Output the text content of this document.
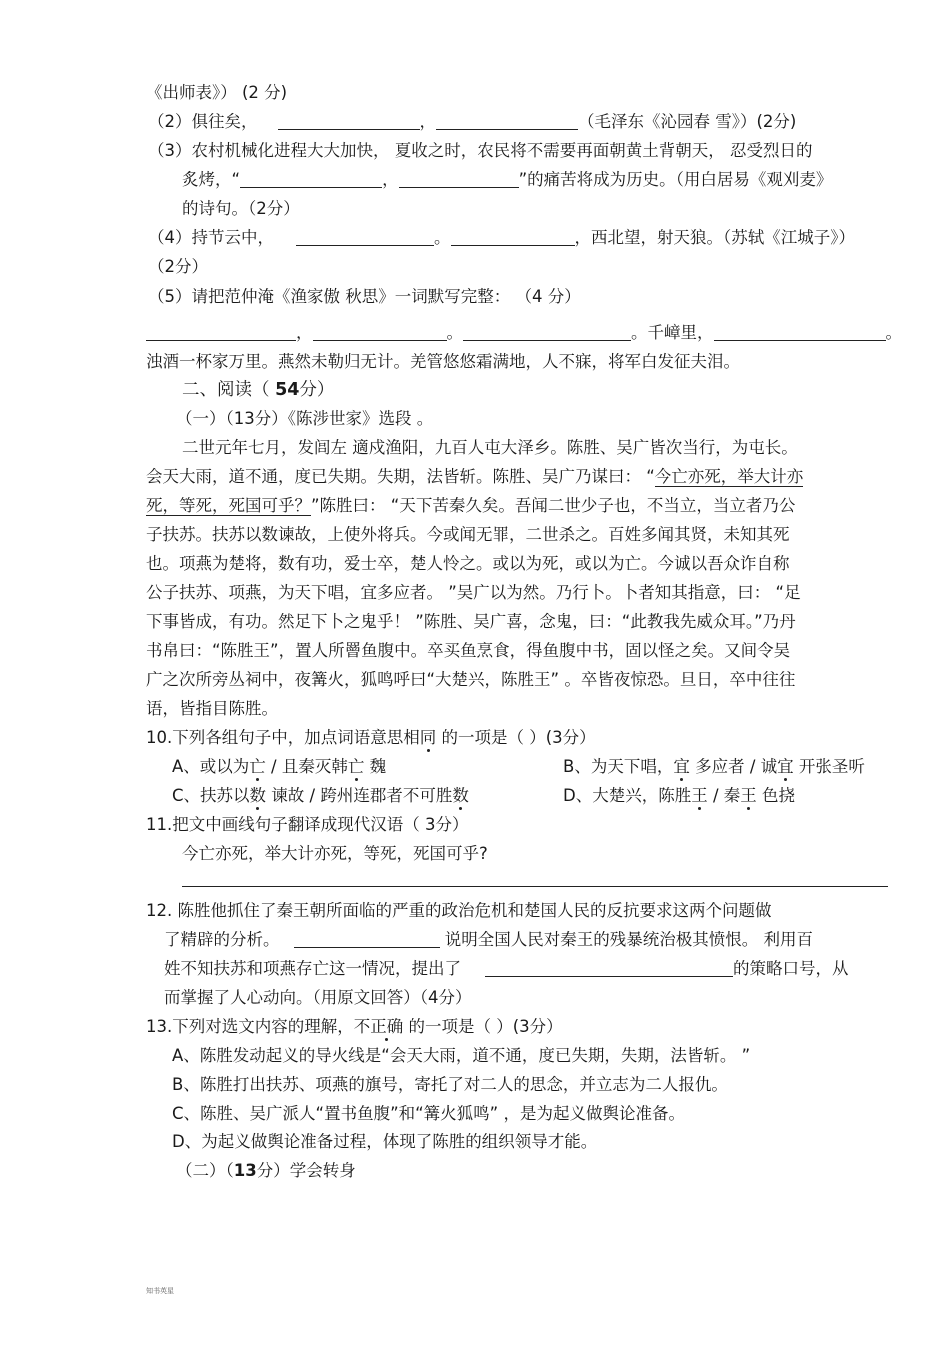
《出师表》） (2 分)
（2）俱往矣，	，	（毛泽东《沁园春 雪》）(2分)
（3）农村机械化进程大大加快， 夏收之时，农民将不需要再面朝黄土背朝天， 忍受烈日的
炙烤，“	，	”的痛苦将成为历史。（用白居易《观刈麦》
的诗句。（2分）
（4）持节云中，	。	，西北望，射天狼。（苏轼《江城子》）
（2分）
（5）请把范仲淹《渔家傲 秋思》一词默写完整： （4 分）
，	。	。千嶂里，	。
浊酒一杯家万里。燕然未勒归无计。羌管悠悠霜满地，人不寐，将军白发征夫泪。
二、阅读（ 54分）
（一）（13分）《陈涉世家》选段 。
二世元年七月，发闾左 適戍渔阳，九百人屯大泽乡。陈胜、吴广皆次当行，为屯长。
会天大雨，道不通，度已失期。失期，法皆斩。陈胜、吴广乃谋曰： “今亡亦死，举大计亦
死，等死，死国可乎？”陈胜曰： “天下苦秦久矣。吾闻二世少子也，不当立，当立者乃公
子扶苏。扶苏以数谏故，上使外将兵。今或闻无罪，二世杀之。百姓多闻其贤，未知其死
也。项燕为楚将，数有功，爱士卒，楚人怜之。或以为死，或以为亡。今诚以吾众诈自称
公子扶苏、项燕，为天下唱，宜多应者。 ”吴广以为然。乃行卜。卜者知其指意，曰： “足
下事皆成，有功。然足下卜之鬼乎！ ”陈胜、吴广喜，念鬼，曰：“此教我先威众耳。”乃丹
书帛曰：“陈胜王”，置人所罾鱼腹中。卒买鱼烹食，得鱼腹中书，固以怪之矣。又间令吴
广之次所旁丛祠中，夜篝火，狐鸣呼曰“大楚兴，陈胜王” 。卒皆夜惊恐。旦日，卒中往往
语，皆指目陈胜。
10.下列各组句子中，加点词语意思相同 的一项是（ ）(3分）
A、或以为亡 / 且秦灭韩亡 魏	B、为天下唱，宜 多应者 / 诚宜 开张圣听
C、扶苏以数 谏故 / 跨州连郡者不可胜数	D、大楚兴，陈胜王 / 秦王 色挠
11.把文中画线句子翻译成现代汉语（ 3分）
今亡亦死，举大计亦死，等死，死国可乎?
12. 陈胜他抓住了秦王朝所面临的严重的政治危机和楚国人民的反抗要求这两个问题做
了精辟的分析。	说明全国人民对秦王的残暴统治极其愤恨。 利用百
姓不知扶苏和项燕存亡这一情况，提出了	的策略口号，从
而掌握了人心动向。（用原文回答）（4分）
13.下列对选文内容的理解，不正确 的一项是（ ）(3分）
A、陈胜发动起义的导火线是“会天大雨，道不通，度已失期，失期，法皆斩。 ”
B、陈胜打出扶苏、项燕的旗号，寄托了对二人的思念，并立志为二人报仇。
C、陈胜、吴广派人“置书鱼腹”和“篝火狐鸣” ，是为起义做舆论准备。
D、为起义做舆论准备过程，体现了陈胜的组织领导才能。
（二）（13分）学会转身
知书英星
